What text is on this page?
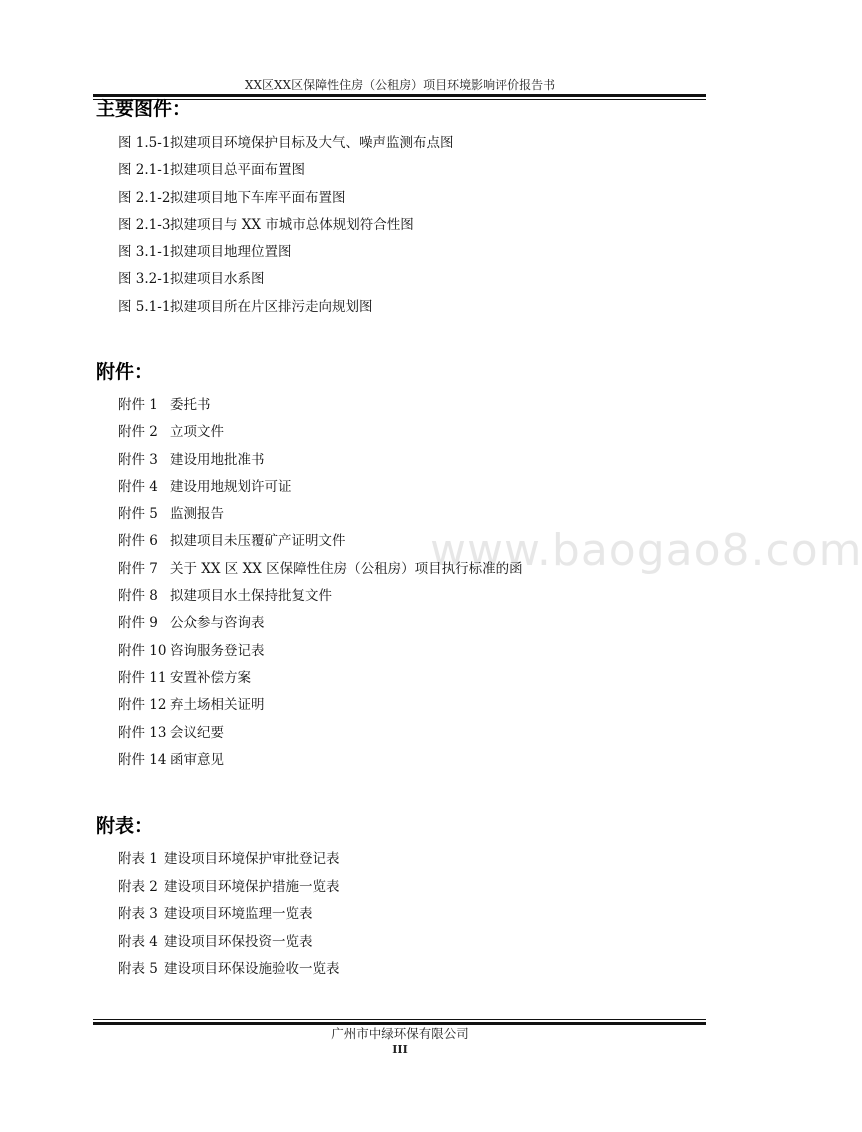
XX区XX区保障性住房（公租房）项目环境影响评价报告书
主要图件：
图 1.5-1拟建项目环境保护目标及大气、噪声监测布点图
图 2.1-1拟建项目总平面布置图
图 2.1-2拟建项目地下车库平面布置图
图 2.1-3拟建项目与 XX 市城市总体规划符合性图
图 3.1-1拟建项目地理位置图
图 3.2-1拟建项目水系图
图 5.1-1拟建项目所在片区排污走向规划图
附件：
附件 1 委托书
附件 2 立项文件
附件 3 建设用地批准书
附件 4 建设用地规划许可证
附件 5 监测报告
附件 6 拟建项目未压覆矿产证明文件
附件 7 关于 XX 区 XX 区保障性住房（公租房）项目执行标准的函
附件 8 拟建项目水土保持批复文件
附件 9 公众参与咨询表
附件 10 咨询服务登记表
附件 11 安置补偿方案
附件 12 弃土场相关证明
附件 13 会议纪要
附件 14 函审意见
www.baogao8.com
附表：
附表 1 建设项目环境保护审批登记表
附表 2 建设项目环境保护措施一览表
附表 3 建设项目环境监理一览表
附表 4 建设项目环保投资一览表
附表 5 建设项目环保设施验收一览表
广州市中绿环保有限公司
III
